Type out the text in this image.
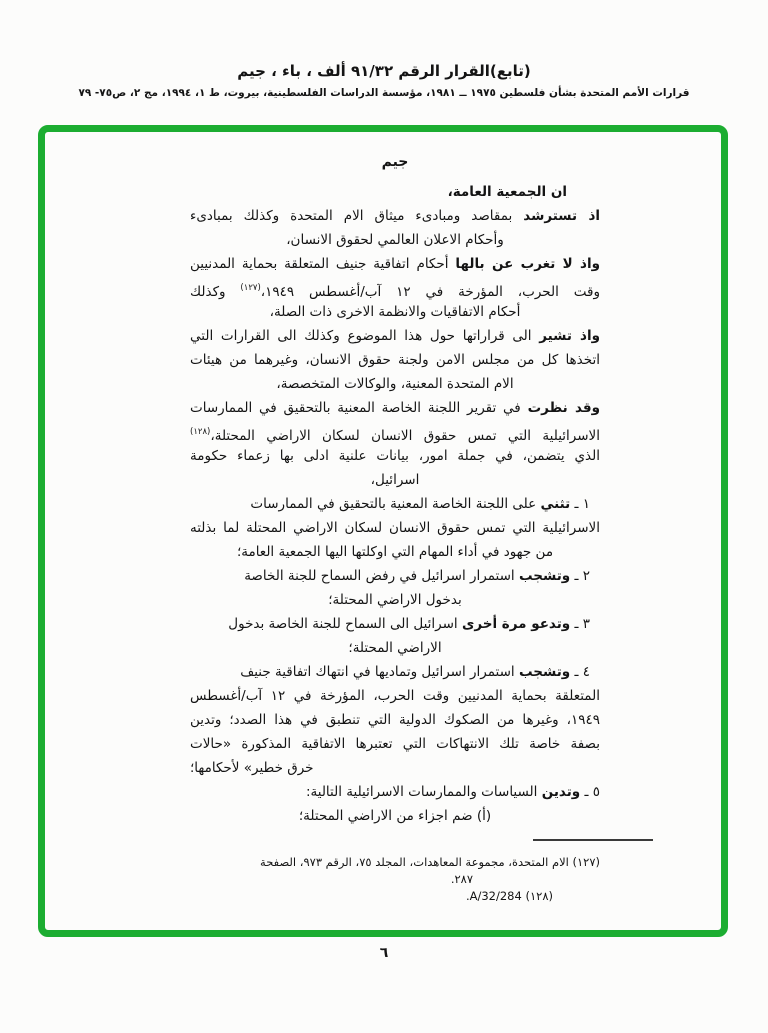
(تابع)القرار الرقم ٩١/٣٢ ألف ، باء ، جيم
قرارات الأمم المتحدة بشأن فلسطين ١٩٧٥ ــ ١٩٨١، مؤسسة الدراسات الفلسطينية، بيروت، ط ١، ١٩٩٤، مج ٢، ص٧٥- ٧٩
جيم
ان الجمعية العامة،
اذ تسترشد بمقاصد ومبادىء ميثاق الام المتحدة وكذلك بمبادىء
وأحكام الاعلان العالمي لحقوق الانسان،
واذ لا تغرب عن بالها أحكام اتفاقية جنيف المتعلقة بحماية المدنيين
وقت الحرب، المؤرخة في ١٢ آب/أغسطس ١٩٤٩،$^{(١٢٧)}$ وكذلك
أحكام الاتفاقيات والانظمة الاخرى ذات الصلة،
واذ تشير الى قراراتها حول هذا الموضوع وكذلك الى القرارات التي
اتخذها كل من مجلس الامن ولجنة حقوق الانسان، وغيرهما من هيئات
الام المتحدة المعنية، والوكالات المتخصصة،
وقد نظرت في تقرير اللجنة الخاصة المعنية بالتحقيق في الممارسات
الاسرائيلية التي تمس حقوق الانسان لسكان الاراضي المحتلة،$^{(١٢٨)}$
الذي يتضمن، في جملة امور، بيانات علنية ادلى بها زعماء حكومة
اسرائيل،
١ ـ تثني على اللجنة الخاصة المعنية بالتحقيق في الممارسات
الاسرائيلية التي تمس حقوق الانسان لسكان الاراضي المحتلة لما بذلته
من جهود في أداء المهام التي اوكلتها اليها الجمعية العامة؛
٢ ـ وتشجب استمرار اسرائيل في رفض السماح للجنة الخاصة
بدخول الاراضي المحتلة؛
٣ ـ وتدعو مرة أخرى اسرائيل الى السماح للجنة الخاصة بدخول
الاراضي المحتلة؛
٤ ـ وتشجب استمرار اسرائيل وتماديها في انتهاك اتفاقية جنيف
المتعلقة بحماية المدنيين وقت الحرب، المؤرخة في ١٢ آب/أغسطس
١٩٤٩، وغيرها من الصكوك الدولية التي تنطبق في هذا الصدد؛ وتدين
بصفة خاصة تلك الانتهاكات التي تعتبرها الاتفاقية المذكورة «حالات
خرق خطير» لأحكامها؛
٥ ـ وتدين السياسات والممارسات الاسرائيلية التالية:
(أ) ضم اجزاء من الاراضي المحتلة؛
(١٢٧) الام المتحدة، مجموعة المعاهدات، المجلد ٧٥، الرقم ٩٧٣، الصفحة
٢٨٧.
(١٢٨) A/32/284.
٦
